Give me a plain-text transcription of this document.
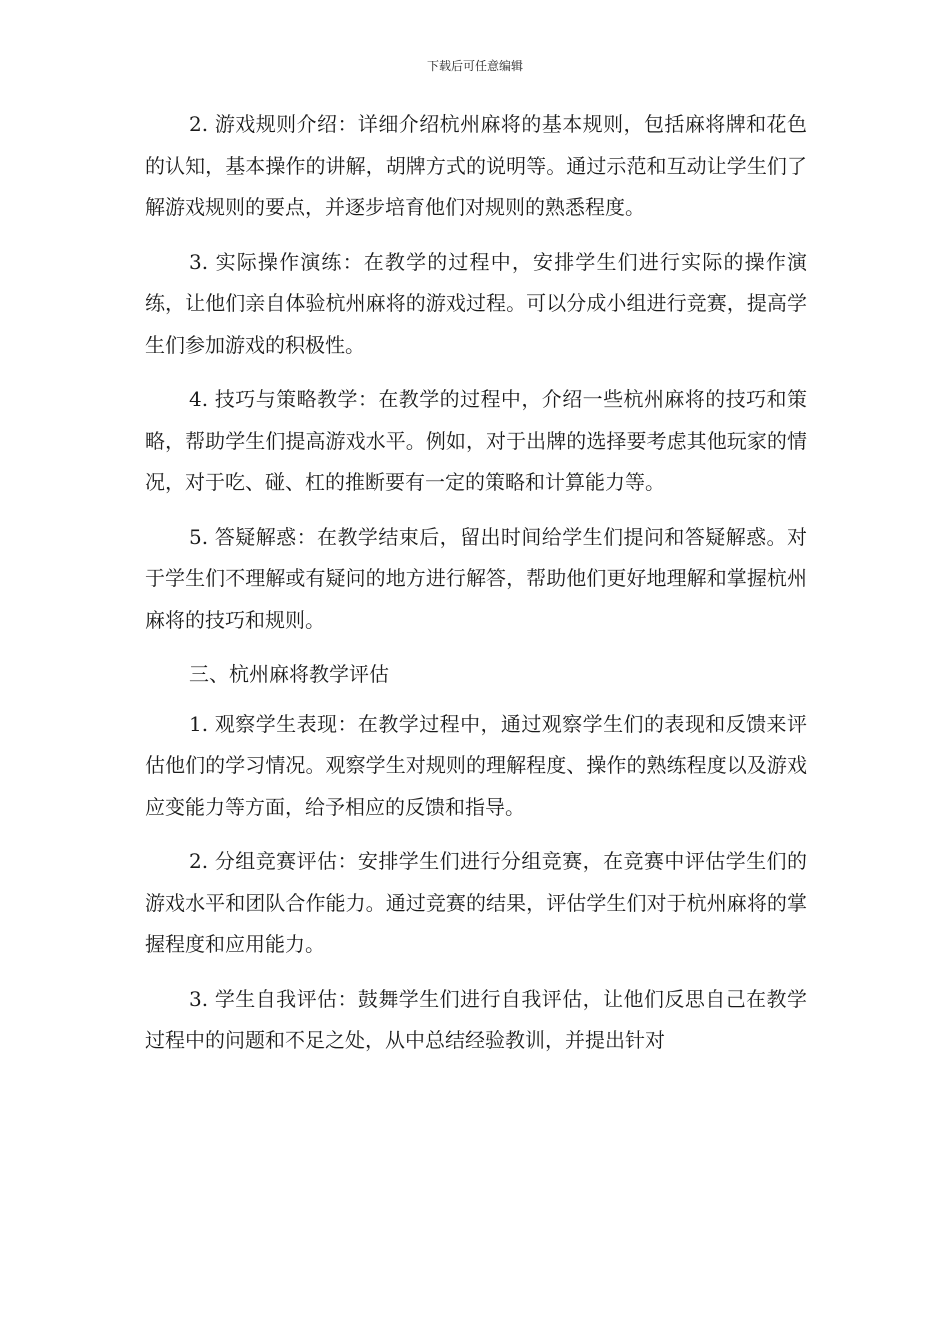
下载后可任意编辑

2. 游戏规则介绍：详细介绍杭州麻将的基本规则，包括麻将牌和花色的认知，基本操作的讲解，胡牌方式的说明等。通过示范和互动让学生们了解游戏规则的要点，并逐步培育他们对规则的熟悉程度。

3. 实际操作演练：在教学的过程中，安排学生们进行实际的操作演练，让他们亲自体验杭州麻将的游戏过程。可以分成小组进行竞赛，提高学生们参加游戏的积极性。

4. 技巧与策略教学：在教学的过程中，介绍一些杭州麻将的技巧和策略，帮助学生们提高游戏水平。例如，对于出牌的选择要考虑其他玩家的情况，对于吃、碰、杠的推断要有一定的策略和计算能力等。

5. 答疑解惑：在教学结束后，留出时间给学生们提问和答疑解惑。对于学生们不理解或有疑问的地方进行解答，帮助他们更好地理解和掌握杭州麻将的技巧和规则。

三、杭州麻将教学评估

1. 观察学生表现：在教学过程中，通过观察学生们的表现和反馈来评估他们的学习情况。观察学生对规则的理解程度、操作的熟练程度以及游戏应变能力等方面，给予相应的反馈和指导。

2. 分组竞赛评估：安排学生们进行分组竞赛，在竞赛中评估学生们的游戏水平和团队合作能力。通过竞赛的结果，评估学生们对于杭州麻将的掌握程度和应用能力。

3. 学生自我评估：鼓舞学生们进行自我评估，让他们反思自己在教学过程中的问题和不足之处，从中总结经验教训，并提出针对
